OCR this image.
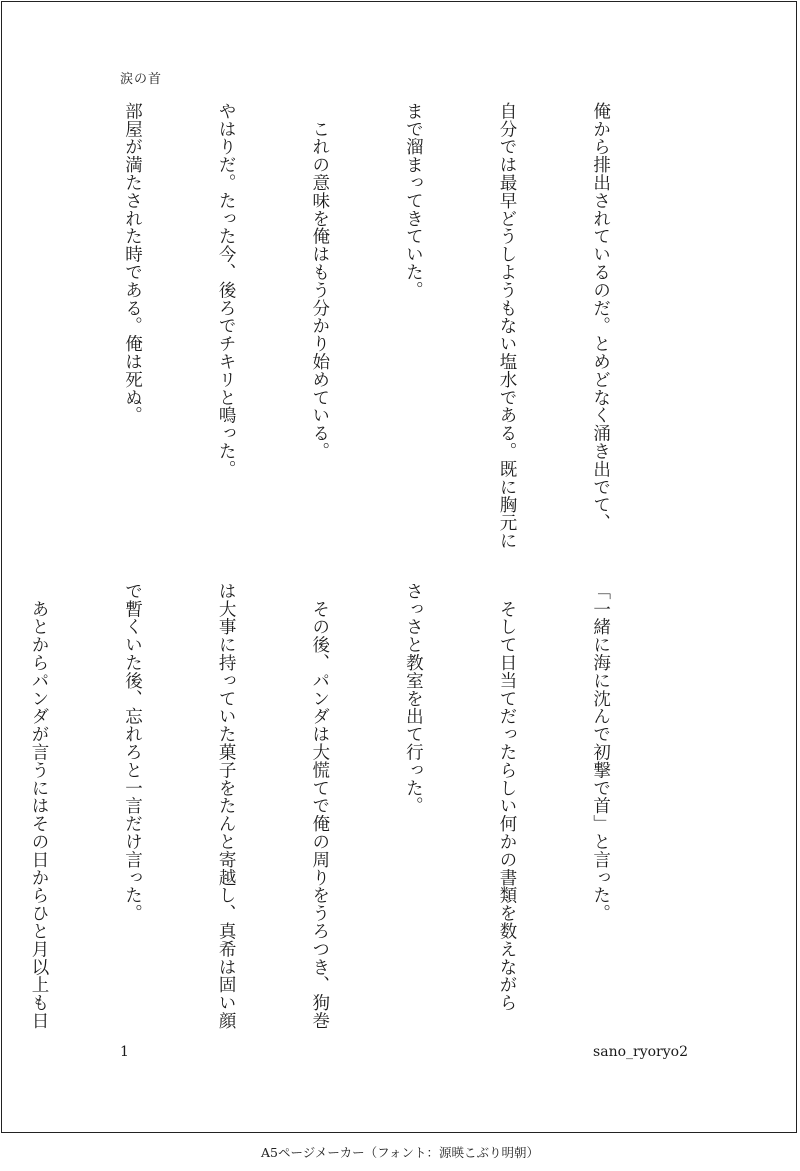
涙の首

俺から排出されているのだ。とめどなく涌き出でて、

自分では最早どうしようもない塩水である。既に胸元に

まで溜まってきていた。

　これの意味を俺はもう分かり始めている。

やはりだ。たった今、後ろでチキリと鳴った。

部屋が満たされた時である。俺は死ぬ。

「一緒に海に沈んで初撃で首」と言った。

　そして日当てだったらしい何かの書類を数えながら

さっさと教室を出て行った。

　その後、パンダは大慌てで俺の周りをうろつき、狗巻

は大事に持っていた菓子をたんと寄越し、真希は固い顔

で暫くいた後、忘れろと一言だけ言った。

　あとからパンダが言うにはその日からひと月以上も日

1	sano_ryoryo2
A5ページメーカー（フォント：源暎こぶり明朝）
